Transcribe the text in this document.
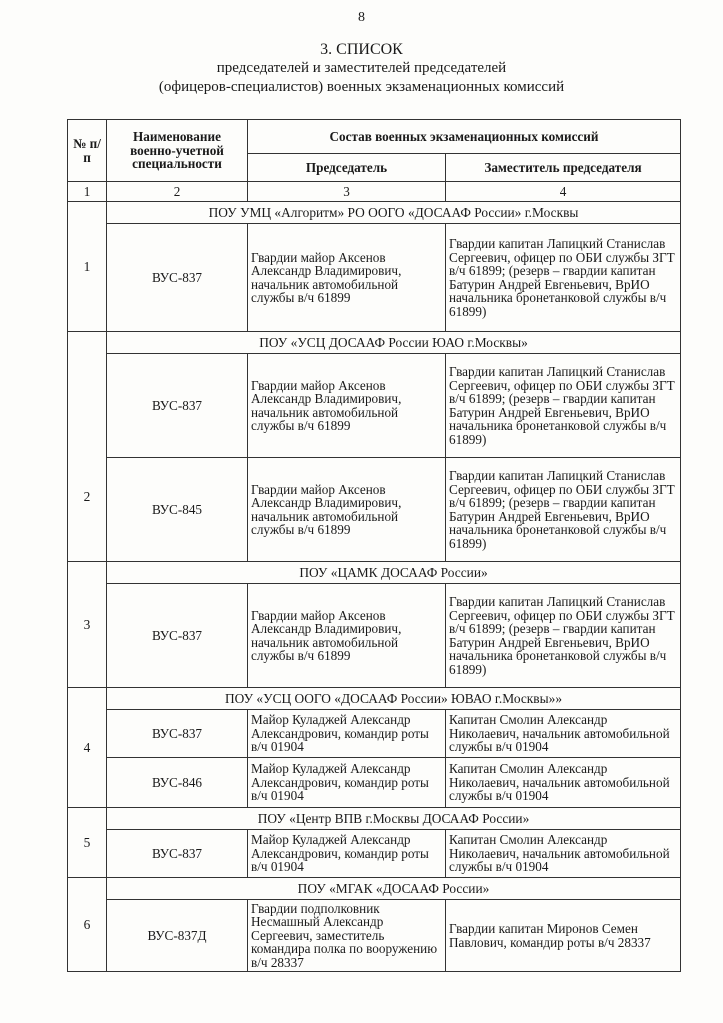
8
3. СПИСОК
председателей и заместителей председателей
(офицеров-специалистов) военных экзаменационных комиссий
№ п/п	Наименование военно-учетной специальности	Состав военных экзаменационных комиссий	
		Председатель	Заместитель председателя
1	2	3	4
1	ПОУ УМЦ «Алгоритм» РО ООГО «ДОСААФ России» г.Москвы		
	ВУС-837	Гвардии майор Аксенов Александр Владимирович, начальник автомобильной службы в/ч 61899	Гвардии капитан Лапицкий Станислав Сергеевич, офицер по ОБИ службы ЗГТ в/ч 61899; (резерв – гвардии капитан Батурин Андрей Евгеньевич, ВрИО начальника бронетанковой службы в/ч 61899)
2	ПОУ «УСЦ ДОСААФ России ЮАО г.Москвы»		
	ВУС-837	Гвардии майор Аксенов Александр Владимирович, начальник автомобильной службы в/ч 61899	Гвардии капитан Лапицкий Станислав Сергеевич, офицер по ОБИ службы ЗГТ в/ч 61899; (резерв – гвардии капитан Батурин Андрей Евгеньевич, ВрИО начальника бронетанковой службы в/ч 61899)
	ВУС-845	Гвардии майор Аксенов Александр Владимирович, начальник автомобильной службы в/ч 61899	Гвардии капитан Лапицкий Станислав Сергеевич, офицер по ОБИ службы ЗГТ в/ч 61899; (резерв – гвардии капитан Батурин Андрей Евгеньевич, ВрИО начальника бронетанковой службы в/ч 61899)
3	ПОУ «ЦАМК ДОСААФ России»		
	ВУС-837	Гвардии майор Аксенов Александр Владимирович, начальник автомобильной службы в/ч 61899	Гвардии капитан Лапицкий Станислав Сергеевич, офицер по ОБИ службы ЗГТ в/ч 61899; (резерв – гвардии капитан Батурин Андрей Евгеньевич, ВрИО начальника бронетанковой службы в/ч 61899)
4	ПОУ «УСЦ ООГО «ДОСААФ России» ЮВАО г.Москвы»»		
	ВУС-837	Майор Куладжей Александр Александрович, командир роты в/ч 01904	Капитан Смолин Александр Николаевич, начальник автомобильной службы в/ч 01904
	ВУС-846	Майор Куладжей Александр Александрович, командир роты в/ч 01904	Капитан Смолин Александр Николаевич, начальник автомобильной службы в/ч 01904
5	ПОУ «Центр ВПВ г.Москвы ДОСААФ России»		
	ВУС-837	Майор Куладжей Александр Александрович, командир роты в/ч 01904	Капитан Смолин Александр Николаевич, начальник автомобильной службы в/ч 01904
6	ПОУ «МГАК «ДОСААФ России»		
	ВУС-837Д	Гвардии подполковник Несмашный Александр Сергеевич, заместитель командира полка по вооружению в/ч 28337	Гвардии капитан Миронов Семен Павлович, командир роты в/ч 28337
